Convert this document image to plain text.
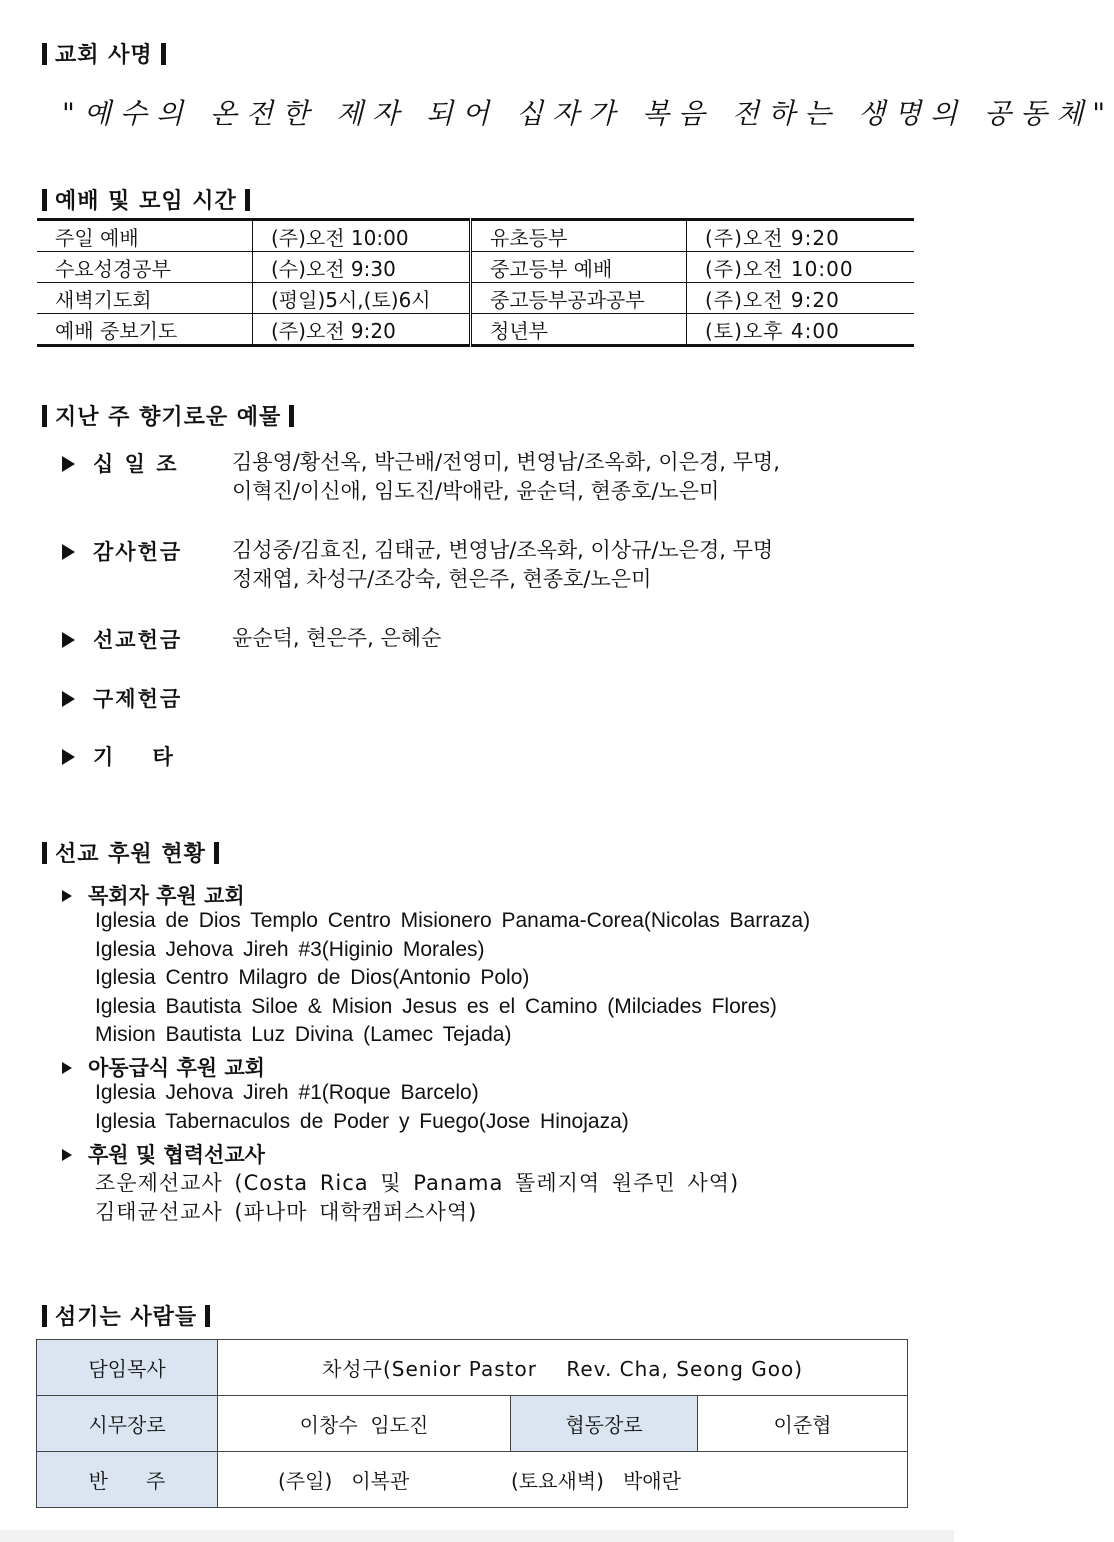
교회 사명
"예수의 온전한 제자 되어 십자가 복음 전하는 생명의 공동체"
예배 및 모임 시간
주일 예배	(주)오전 10:00	유초등부	(주)오전 9:20
수요성경공부	(수)오전 9:30	중고등부 예배	(주)오전 10:00
새벽기도회	(평일)5시,(토)6시	중고등부공과공부	(주)오전 9:20
예배 중보기도	(주)오전 9:20	청년부	(토)오후 4:00
지난 주 향기로운 예물
십 일 조	김용영/황선옥, 박근배/전영미, 변영남/조옥화, 이은경, 무명,
이혁진/이신애, 임도진/박애란, 윤순덕, 현종호/노은미
감사헌금	김성중/김효진, 김태균, 변영남/조옥화, 이상규/노은경, 무명
정재엽, 차성구/조강숙, 현은주, 현종호/노은미
선교헌금	윤순덕, 현은주, 은혜순
구제헌금
기    타
선교 후원 현황
목회자 후원 교회
Iglesia de Dios Templo Centro Misionero Panama-Corea(Nicolas Barraza)
Iglesia Jehova Jireh #3(Higinio Morales)
Iglesia Centro Milagro de Dios(Antonio Polo)
Iglesia Bautista Siloe & Mision Jesus es el Camino (Milciades Flores)
Mision Bautista Luz Divina (Lamec Tejada)
아동급식 후원 교회
Iglesia Jehova Jireh #1(Roque Barcelo)
Iglesia Tabernaculos de Poder y Fuego(Jose Hinojaza)
후원 및 협력선교사
조운제선교사 (Costa Rica 및 Panama 똘레지역 원주민 사역)
김태균선교사 (파나마 대학캠퍼스사역)
섬기는 사람들
담임목사	차성구(Senior Pastor    Rev. Cha, Seong Goo)		
시무장로	이창수  임도진	협동장로	이준협
반      주	(주일)   이복관                (토요새벽)   박애란		
